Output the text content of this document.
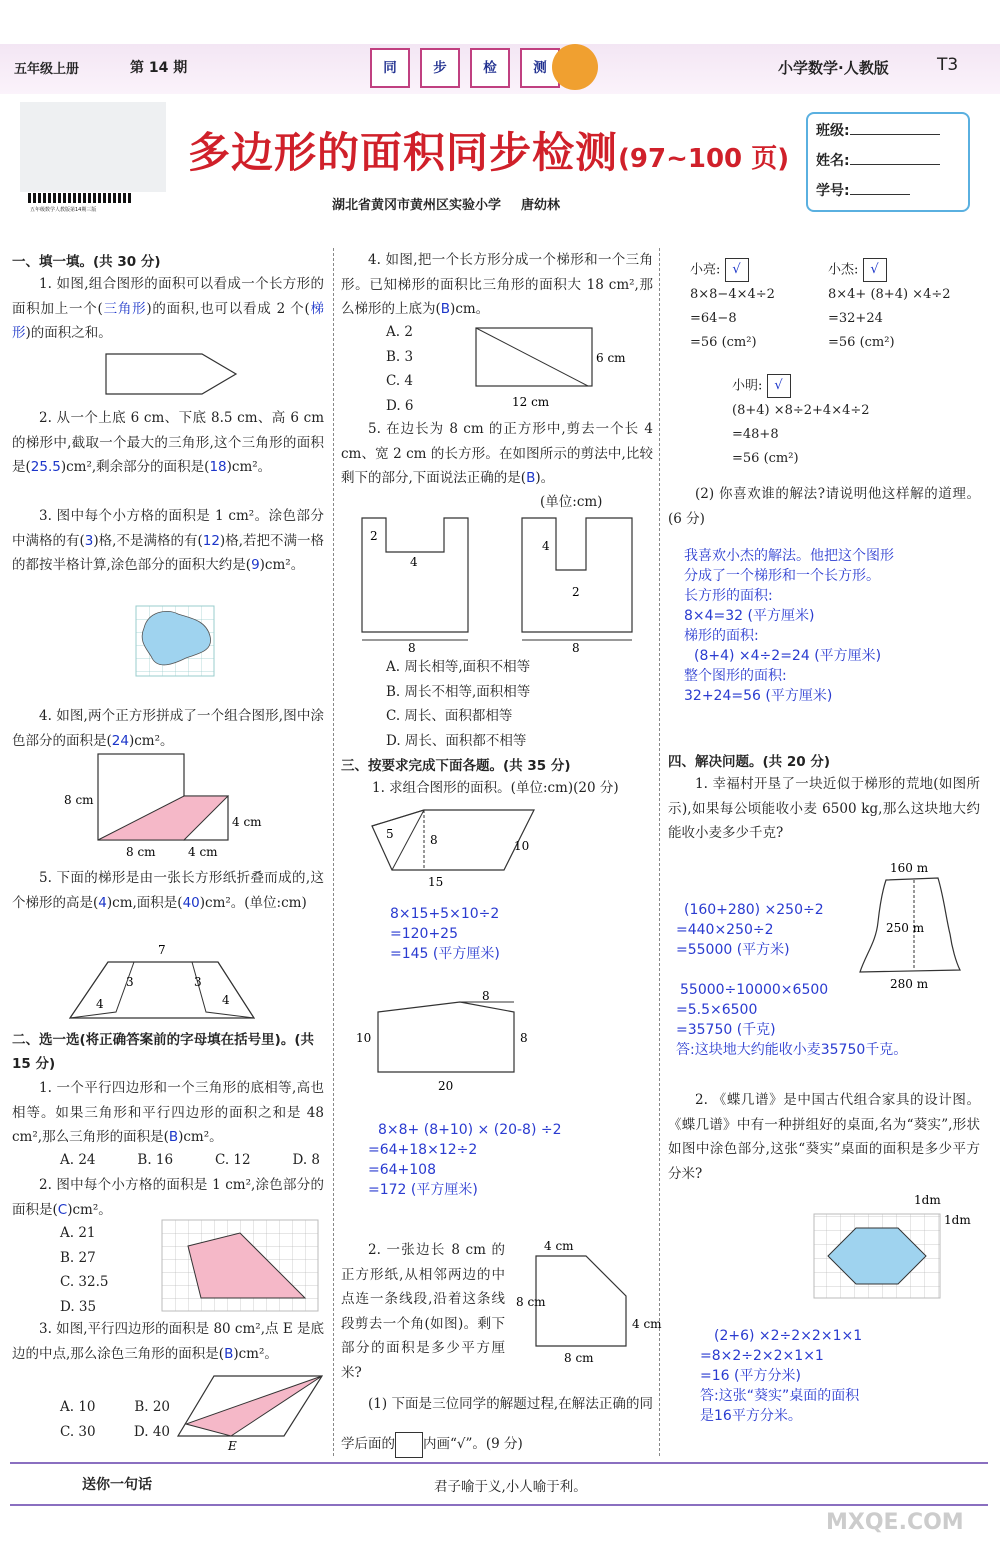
五年级上册	第 14 期	同	步	检	测	小学数学·人教版	T3
五年级数学人教版第14期三版
多边形的面积同步检测(97~100 页)
湖北省黄冈市黄州区实验小学 唐幼林
班级:
姓名:
学号:
一、填一填。(共 30 分)
1. 如图,组合图形的面积可以看成一个长方形的面积加上一个(三角形)的面积,也可以看成 2 个(梯形)的面积之和。
2. 从一个上底 6 cm、下底 8.5 cm、高 6 cm 的梯形中,截取一个最大的三角形,这个三角形的面积是(25.5)cm²,剩余部分的面积是(18)cm²。
3. 图中每个小方格的面积是 1 cm²。涂色部分中满格的有(3)格,不是满格的有(12)格,若把不满一格的都按半格计算,涂色部分的面积大约是(9)cm²。
4. 如图,两个正方形拼成了一个组合图形,图中涂色部分的面积是(24)cm²。
8 cm
4 cm
8 cm	4 cm
5. 下面的梯形是由一张长方形纸折叠而成的,这个梯形的高是(4)cm,面积是(40)cm²。(单位:cm)
7
3	3
4	4
二、选一选(将正确答案前的字母填在括号里)。(共 15 分)
1. 一个平行四边形和一个三角形的底相等,高也相等。如果三角形和平行四边形的面积之和是 48 cm²,那么三角形的面积是(B)cm²。
A. 24	B. 16	C. 12	D. 8
2. 图中每个小方格的面积是 1 cm²,涂色部分的面积是(C)cm²。
A. 21
B. 27
C. 32.5
D. 35
3. 如图,平行四边形的面积是 80 cm²,点 E 是底边的中点,那么涂色三角形的面积是(B)cm²。
A. 10	B. 20
C. 30	D. 40
E
4. 如图,把一个长方形分成一个梯形和一个三角形。已知梯形的面积比三角形的面积大 18 cm²,那么梯形的上底为(B)cm。
A. 2
B. 3
C. 4
D. 6
6 cm
12 cm
5. 在边长为 8 cm 的正方形中,剪去一个长 4 cm、宽 2 cm 的长方形。在如图所示的剪法中,比较剩下的部分,下面说法正确的是(B)。
(单位:cm)
2
4
8
4
2
8
A. 周长相等,面积不相等
B. 周长不相等,面积相等
C. 周长、面积都相等
D. 周长、面积都不相等
三、按要求完成下面各题。(共 35 分)
1. 求组合图形的面积。(单位:cm)(20 分)
5	8	10
15
8×15+5×10÷2
=120+25
=145 (平方厘米)
8
10	8
20
8×8+ (8+10) × (20-8) ÷2
=64+18×12÷2
=64+108
=172 (平方厘米)
2. 一张边长 8 cm 的正方形纸,从相邻两边的中点连一条线段,沿着这条线段剪去一个角(如图)。剩下部分的面积是多少平方厘米?
4 cm
8 cm
4 cm
8 cm
(1) 下面是三位同学的解题过程,在解法正确的同学后面的 内画“√”。(9 分)
小亮: √
8×8−4×4÷2
=64−8
=56 (cm²)
小杰: √
8×4+ (8+4) ×4÷2
=32+24
=56 (cm²)
小明: √
(8+4) ×8÷2+4×4÷2
=48+8
=56 (cm²)
(2) 你喜欢谁的解法?请说明他这样解的道理。(6 分)
我喜欢小杰的解法。他把这个图形
分成了一个梯形和一个长方形。
长方形的面积:
8×4=32 (平方厘米)
梯形的面积:
(8+4) ×4÷2=24 (平方厘米)
整个图形的面积:
32+24=56 (平方厘米)
四、解决问题。(共 20 分)
1. 幸福村开垦了一块近似于梯形的荒地(如图所示),如果每公顷能收小麦 6500 kg,那么这块地大约能收小麦多少千克?
160 m
250 m
280 m
(160+280) ×250÷2
=440×250÷2
=55000 (平方米)
55000÷10000×6500
=5.5×6500
=35750 (千克)
答:这块地大约能收小麦35750千克。
2. 《蝶几谱》是中国古代组合家具的设计图。《蝶几谱》中有一种拼组好的桌面,名为“葵实”,形状如图中涂色部分,这张“葵实”桌面的面积是多少平方分米?
1dm
1dm
(2+6) ×2÷2×2×1×1
=8×2÷2×2×1×1
=16 (平方分米)
答:这张“葵实”桌面的面积
是16平方分米。
送你一句话	君子喻于义,小人喻于利。
MXQE.COM
